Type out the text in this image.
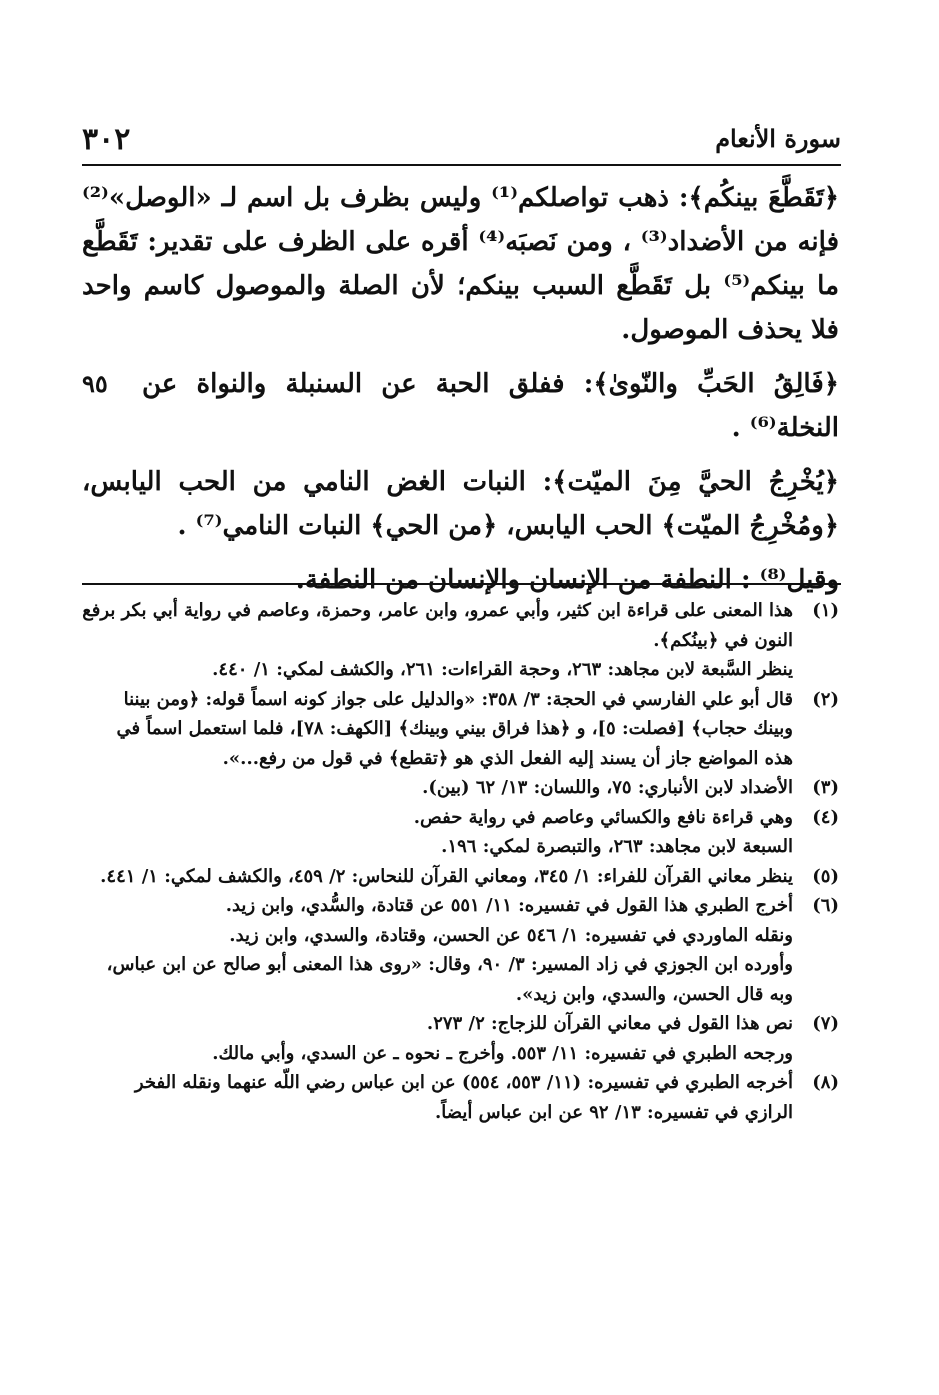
٣٠٢	سورة الأنعام

﴿تَقَطَّعَ بينكُم﴾: ذهب تواصلكم⁽¹⁾ وليس بظرف بل اسم لـ «الوصل»⁽²⁾ فإنه من الأضداد⁽³⁾ ، ومن نَصبَه⁽⁴⁾ أقره على الظرف على تقدير: تَقَطَّع ما بينكم⁽⁵⁾ بل تَقَطَّع السبب بينكم؛ لأن الصلة والموصول كاسم واحد فلا يحذف الموصول.

٩٥	﴿فَالِقُ الحَبِّ والنّوىٰ﴾: ففلق الحبة عن السنبلة والنواة عن النخلة⁽⁶⁾ .

﴿يُخْرِجُ الحيَّ مِنَ الميّت﴾: النبات الغض النامي من الحب اليابس، ﴿ومُخْرِجُ الميّت﴾ الحب اليابس، ﴿من الحي﴾ النبات النامي⁽⁷⁾ .

وقيل⁽⁸⁾ : النطفة من الإنسان والإنسان من النطفة.

(١)
هذا المعنى على قراءة ابن كثير، وأبي عمرو، وابن عامر، وحمزة، وعاصم في رواية أبي بكر برفع النون في ﴿بينُكم﴾.
ينظر السَّبعة لابن مجاهد: ٢٦٣، وحجة القراءات: ٢٦١، والكشف لمكي: ١/ ٤٤٠.
(٢)
قال أبو علي الفارسي في الحجة: ٣/ ٣٥٨: «والدليل على جواز كونه اسماً قوله: ﴿ومن بيننا وبينك حجاب﴾ [فصلت: ٥]، و ﴿هذا فراق بيني وبينك﴾ [الكهف: ٧٨]، فلما استعمل اسماً في هذه المواضع جاز أن يسند إليه الفعل الذي هو ﴿تقطع﴾ في قول من رفع...».
(٣)
الأضداد لابن الأنباري: ٧٥، واللسان: ١٣/ ٦٢ (بين).
(٤)
وهي قراءة نافع والكسائي وعاصم في رواية حفص.
السبعة لابن مجاهد: ٢٦٣، والتبصرة لمكي: ١٩٦.
(٥)
ينظر معاني القرآن للفراء: ١/ ٣٤٥، ومعاني القرآن للنحاس: ٢/ ٤٥٩، والكشف لمكي: ١/ ٤٤١.
(٦)
أخرج الطبري هذا القول في تفسيره: ١١/ ٥٥١ عن قتادة، والسُّدي، وابن زيد.
ونقله الماوردي في تفسيره: ١/ ٥٤٦ عن الحسن، وقتادة، والسدي، وابن زيد.
وأورده ابن الجوزي في زاد المسير: ٣/ ٩٠، وقال: «روى هذا المعنى أبو صالح عن ابن عباس، وبه قال الحسن، والسدي، وابن زيد».
(٧)
نص هذا القول في معاني القرآن للزجاج: ٢/ ٢٧٣.
ورجحه الطبري في تفسيره: ١١/ ٥٥٣. وأخرج ـ نحوه ـ عن السدي، وأبي مالك.
(٨)
أخرجه الطبري في تفسيره: (١١/ ٥٥٣، ٥٥٤) عن ابن عباس رضي اللّه عنهما ونقله الفخر الرازي في تفسيره: ١٣/ ٩٢ عن ابن عباس أيضاً.
